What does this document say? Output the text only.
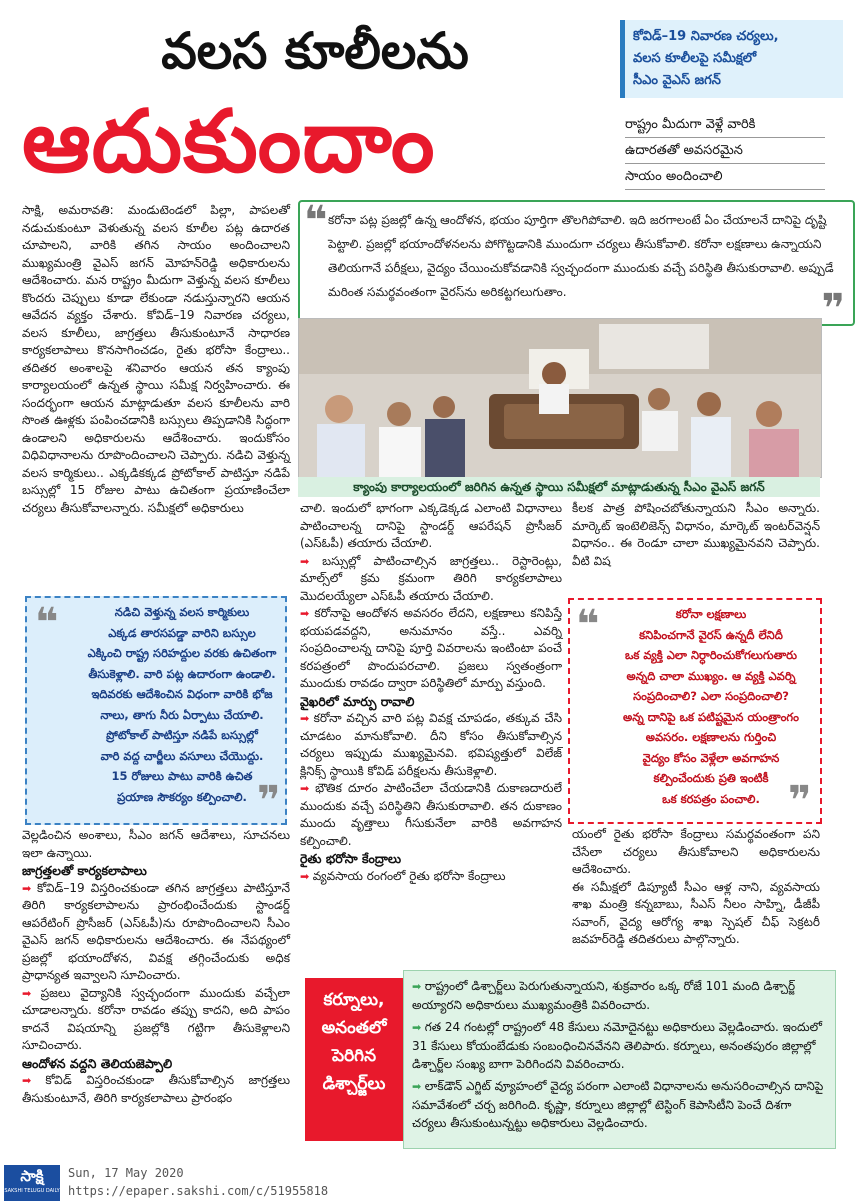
వలస కూలీలను
ఆదుకుందాం
కోవిడ్‌–19 నివారణ చర్యలు,
వలస కూలీలపై సమీక్షలో
సీఎం వైఎస్‌ జగన్‌
రాష్ట్రం మీదుగా వెళ్లే వారికి
ఉదారతతో అవసరమైన
సాయం అందించాలి
❝ కరోనా పట్ల ప్రజల్లో ఉన్న ఆందోళన, భయం పూర్తిగా తొలగిపోవాలి. ఇది జరగాలంటే ఏం చేయాలనే దానిపై దృష్టి పెట్టాలి. ప్రజల్లో భయాందోళనలను పోగొట్టడానికి ముందుగా చర్యలు తీసుకోవాలి. కరోనా లక్షణాలు ఉన్నాయని తెలియగానే పరీక్షలు, వైద్యం చేయించుకోవడానికి స్వచ్ఛందంగా ముందుకు వచ్చే పరిస్థితి తీసుకురావాలి. అప్పుడే మరింత సమర్థవంతంగా వైరస్‌ను అరికట్టగలుగుతాం.	❞
క్యాంపు కార్యాలయంలో జరిగిన ఉన్నత స్థాయి సమీక్షలో మాట్లాడుతున్న సీఎం వైఎస్‌ జగన్‌
సాక్షి, అమరావతి: మండుటెండలో పిల్లా, పాపలతో నడుచుకుంటూ వెళుతున్న వలస కూలీల పట్ల ఉదారత చూపాలని, వారికి తగిన సాయం అందించాలని ముఖ్యమంత్రి వైఎస్‌ జగన్‌ మోహన్‌రెడ్డి అధికారులను ఆదేశించారు. మన రాష్ట్రం మీదుగా వెళ్తున్న వలస కూలీలు కొందరు చెప్పులు కూడా లేకుండా నడుస్తున్నారని ఆయన ఆవేదన వ్యక్తం చేశారు. కోవిడ్‌–19 నివారణ చర్యలు, వలస కూలీలు, జాగ్రత్తలు తీసుకుంటూనే సాధారణ కార్యకలాపాలు కొనసాగించడం, రైతు భరోసా కేంద్రాలు.. తదితర అంశాలపై శనివారం ఆయన తన క్యాంపు కార్యాలయంలో ఉన్నత స్థాయి సమీక్ష నిర్వహించారు. ఈ సందర్భంగా ఆయన మాట్లాడుతూ వలస కూలీలను వారి సొంత ఊళ్లకు పంపించడానికి బస్సులు తిప్పడానికి సిద్ధంగా ఉండాలని అధికారులను ఆదేశించారు. ఇందుకోసం విధివిధానాలను రూపొందించాలని చెప్పారు. నడిచి వెళ్తున్న వలస కార్మికులు.. ఎక్కడికక్కడ ప్రోటోకాల్‌ పాటిస్తూ నడిపే బస్సుల్లో 15 రోజుల పాటు ఉచితంగా ప్రయాణించేలా చర్యలు తీసుకోవాలన్నారు. సమీక్షలో అధికారులు
❝	నడిచి వెళ్తున్న వలస కార్మికులు
ఎక్కడ తారసపడ్డా వారిని బస్సుల
ఎక్కించి రాష్ట్ర సరిహద్దుల వరకు ఉచితంగా
తీసుకెళ్లాలి. వారి పట్ల ఉదారంగా ఉండాలి.
ఇదివరకు ఆదేశించిన విధంగా వారికి భోజ
నాలు, తాగు నీరు ఏర్పాటు చేయాలి.
ప్రోటోకాల్‌ పాటిస్తూ నడిపే బస్సుల్లో
వారి వద్ద చార్జీలు వసూలు చేయొద్దు.
15 రోజులు పాటు వారికి ఉచిత
ప్రయాణ సౌకర్యం కల్పించాలి. ❞
వెల్లడించిన అంశాలు, సీఎం జగన్‌ ఆదేశాలు, సూచనలు ఇలా ఉన్నాయి.
జాగ్రత్తలతో కార్యకలాపాలు
➡ కోవిడ్‌–19 విస్తరించకుండా తగిన జాగ్రత్తలు పాటిస్తూనే తిరిగి కార్యకలాపాలను ప్రారంభించేందుకు స్టాండర్డ్‌ ఆపరేటింగ్‌ ప్రొసీజర్‌ (ఎస్‌ఓపీ)ను రూపొందించాలని సీఎం వైఎస్‌ జగన్‌ అధికారులను ఆదేశించారు. ఈ నేపథ్యంలో ప్రజల్లో భయాందోళన, వివక్ష తగ్గించేందుకు అధిక ప్రాధాన్యత ఇవ్వాలని సూచించారు.
➡ ప్రజలు వైద్యానికి స్వచ్ఛందంగా ముందుకు వచ్చేలా చూడాలన్నారు. కరోనా రావడం తప్పు కాదని, అది పాపం కాదనే విషయాన్ని ప్రజల్లోకి గట్టిగా తీసుకెళ్లాలని సూచించారు.
ఆందోళన వద్దని తెలియజెప్పాలి
➡ కోవిడ్‌ విస్తరించకుండా తీసుకోవాల్సిన జాగ్రత్తలు తీసుకుంటూనే, తిరిగి కార్యకలాపాలు ప్రారంభం
చాలి. ఇందులో భాగంగా ఎక్కడెక్కడ ఎలాంటి విధానాలు పాటించాలన్న దానిపై స్టాండర్డ్‌ ఆపరేషన్‌ ప్రొసీజర్‌ (ఎస్‌ఓపీ) తయారు చేయాలి.
➡ బస్సుల్లో పాటించాల్సిన జాగ్రత్తలు.. రెస్టారెంట్లు, మాల్స్‌లో క్రమ క్రమంగా తిరిగి కార్యకలాపాలు మొదలయ్యేలా ఎస్‌ఓపీ తయారు చేయాలి.
➡ కరోనాపై ఆందోళన అవసరం లేదని, లక్షణాలు కనిపిస్తే భయపడవద్దని, అనుమానం వస్తే.. ఎవర్ని సంప్రదించాలన్న దానిపై పూర్తి వివరాలను ఇంటింటా పంచే కరపత్రంలో పొందుపరచాలి. ప్రజలు స్వతంత్రంగా ముందుకు రావడం ద్వారా పరిస్థితిలో మార్పు వస్తుంది.
వైఖరిలో మార్పు రావాలి
➡ కరోనా వచ్చిన వారి పట్ల వివక్ష చూపడం, తక్కువ చేసి చూడటం మానుకోవాలి. దీని కోసం తీసుకోవాల్సిన చర్యలు ఇప్పుడు ముఖ్యమైనవి. భవిష్యత్తులో విలేజ్‌ క్లినిక్స్‌ స్థాయికి కోవిడ్‌ పరీక్షలను తీసుకెళ్లాలి.
➡ భౌతిక దూరం పాటించేలా చేయడానికి దుకాణదారులే ముందుకు వచ్చే పరిస్థితిని తీసుకురావాలి. తన దుకాణం ముందు వృత్తాలు గీసుకునేలా వారికి అవగాహన కల్పించాలి.
రైతు భరోసా కేంద్రాలు
➡ వ్యవసాయ రంగంలో రైతు భరోసా కేంద్రాలు
కీలక పాత్ర పోషించబోతున్నాయని సీఎం అన్నారు. మార్కెట్‌ ఇంటెలిజెన్స్‌ విధానం, మార్కెట్‌ ఇంటర్‌వెన్షన్‌ విధానం.. ఈ రెండూ చాలా ముఖ్యమైనవని చెప్పారు. వీటి విష
❝	కరోనా లక్షణాలు
కనిపించగానే వైరస్‌ ఉన్నదీ లేనిదీ
ఒక వ్యక్తి ఎలా నిర్ధారించుకోగలుగుతారు
అన్నది చాలా ముఖ్యం. ఆ వ్యక్తి ఎవర్ని
సంప్రదించాలి? ఎలా సంప్రదించాలి?
అన్న దానిపై ఒక పటిష్టమైన యంత్రాంగం
అవసరం. లక్షణాలను గుర్తించి
వైద్యం కోసం వెళ్లేలా అవగాహన
కల్పించేందుకు ప్రతి ఇంటికీ
ఒక కరపత్రం పంచాలి. ❞
యంలో రైతు భరోసా కేంద్రాలు సమర్థవంతంగా పని చేసేలా చర్యలు తీసుకోవాలని అధికారులను ఆదేశించారు.
ఈ సమీక్షలో డిప్యూటీ సీఎం ఆళ్ల నాని, వ్యవసాయ శాఖ మంత్రి కన్నబాబు, సీఎస్‌ నీలం సాహ్ని, డీజీపీ సవాంగ్‌, వైద్య ఆరోగ్య శాఖ స్పెషల్‌ చీఫ్‌ సెక్రటరీ జవహర్‌రెడ్డి తదితరులు పాల్గొన్నారు.
కర్నూలు,
అనంతలో
పెరిగిన
డిశ్చార్జ్‌లు
➡ రాష్ట్రంలో డిశ్చార్జ్‌లు పెరుగుతున్నాయని, శుక్రవారం ఒక్క రోజే 101 మంది డిశ్చార్జ్‌ అయ్యారని అధికారులు ముఖ్యమంత్రికి వివరించారు.
➡ గత 24 గంటల్లో రాష్ట్రంలో 48 కేసులు నమోదైనట్టు అధికారులు వెల్లడించారు. ఇందులో 31 కేసులు కోయంబేడుకు సంబంధించినవేనని తెలిపారు. కర్నూలు, అనంతపురం జిల్లాల్లో డిశ్చార్జ్‌ల సంఖ్య బాగా పెరిగిందని వివరించారు.
➡ లాక్‌డౌన్‌ ఎగ్జిట్‌ వ్యూహంలో వైద్య పరంగా ఎలాంటి విధానాలను అనుసరించాల్సిన దానిపై సమావేశంలో చర్చ జరిగింది. కృష్ణా, కర్నూలు జిల్లాల్లో టెస్టింగ్‌ కెపాసిటీని పెంచే దిశగా చర్యలు తీసుకుంటున్నట్టు అధికారులు వెల్లడించారు.
సాక్షి
SAKSHI TELUGU DAILY
Sun, 17 May 2020
https://epaper.sakshi.com/c/51955818
